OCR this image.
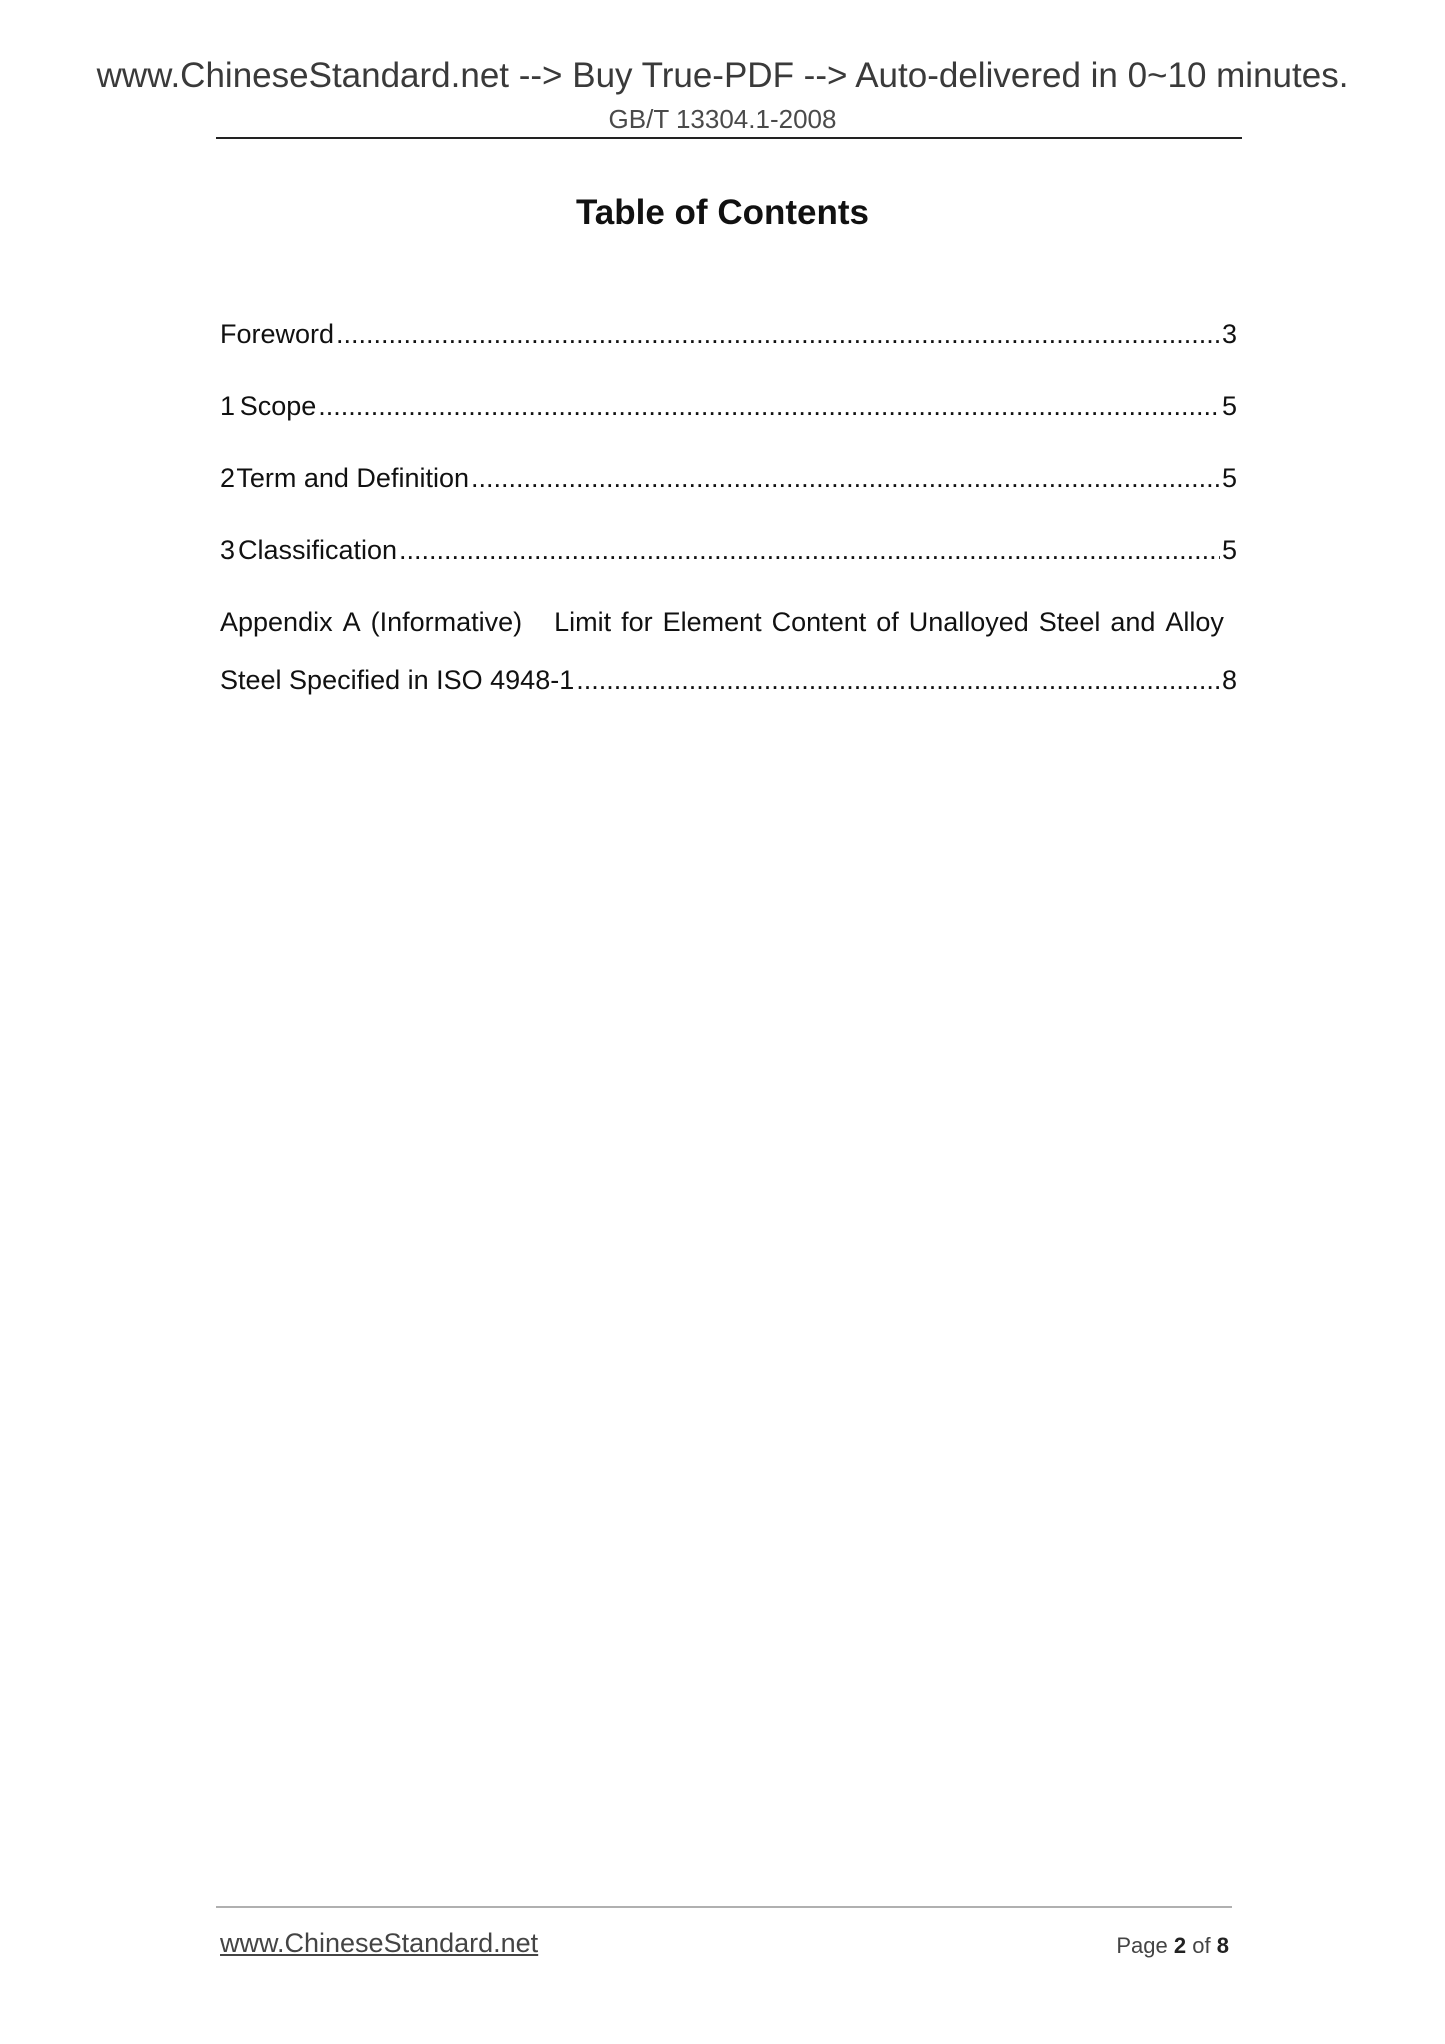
www.ChineseStandard.net --> Buy True-PDF --> Auto-delivered in 0~10 minutes.
GB/T 13304.1-2008
Table of Contents
Foreword .....	3
1 Scope .....	5
2 Term and Definition .....	5
3 Classification .....	5
Appendix A (Informative) Limit for Element Content of Unalloyed Steel and Alloy
Steel Specified in ISO 4948-1 .....	8
www.ChineseStandard.net	Page 2 of 8
